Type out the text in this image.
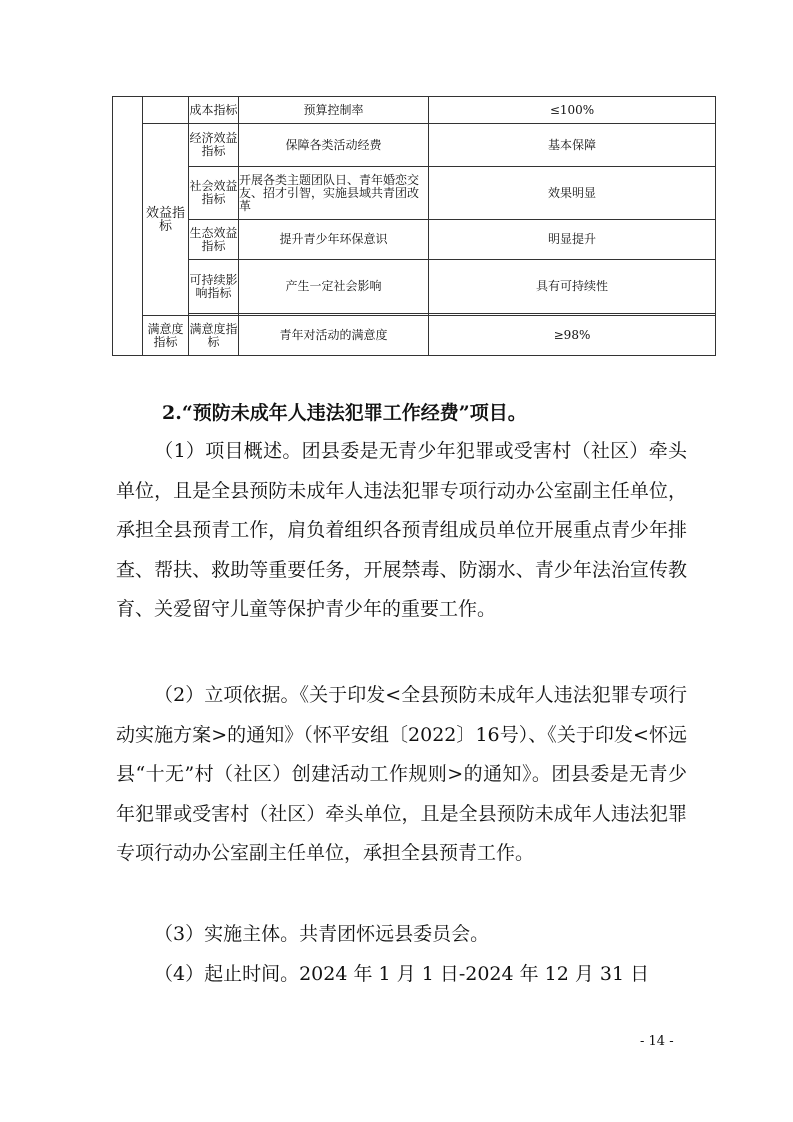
		成本指标	预算控制率	≤100%
	效益指标	经济效益指标	保障各类活动经费	基本保障
		社会效益指标	开展各类主题团队日、青年婚恋交友、招才引智，实施县域共青团改革	效果明显
		生态效益指标	提升青少年环保意识	明显提升
		可持续影响指标	产生一定社会影响	具有可持续性

	满意度指标	满意度指标	青年对活动的满意度	≥98%
2.“预防未成年人违法犯罪工作经费”项目。
（1）项目概述。团县委是无青少年犯罪或受害村（社区）牵头单位，且是全县预防未成年人违法犯罪专项行动办公室副主任单位，承担全县预青工作，肩负着组织各预青组成员单位开展重点青少年排查、帮扶、救助等重要任务，开展禁毒、防溺水、青少年法治宣传教育、关爱留守儿童等保护青少年的重要工作。
（2）立项依据。《关于印发<全县预防未成年人违法犯罪专项行动实施方案>的通知》（怀平安组〔2022〕16号）、《关于印发<怀远县“十无”村（社区）创建活动工作规则>的通知》。团县委是无青少年犯罪或受害村（社区）牵头单位，且是全县预防未成年人违法犯罪专项行动办公室副主任单位，承担全县预青工作。
（3）实施主体。共青团怀远县委员会。
（4）起止时间。2024 年 1 月 1 日-2024 年 12 月 31 日
- 14 -
